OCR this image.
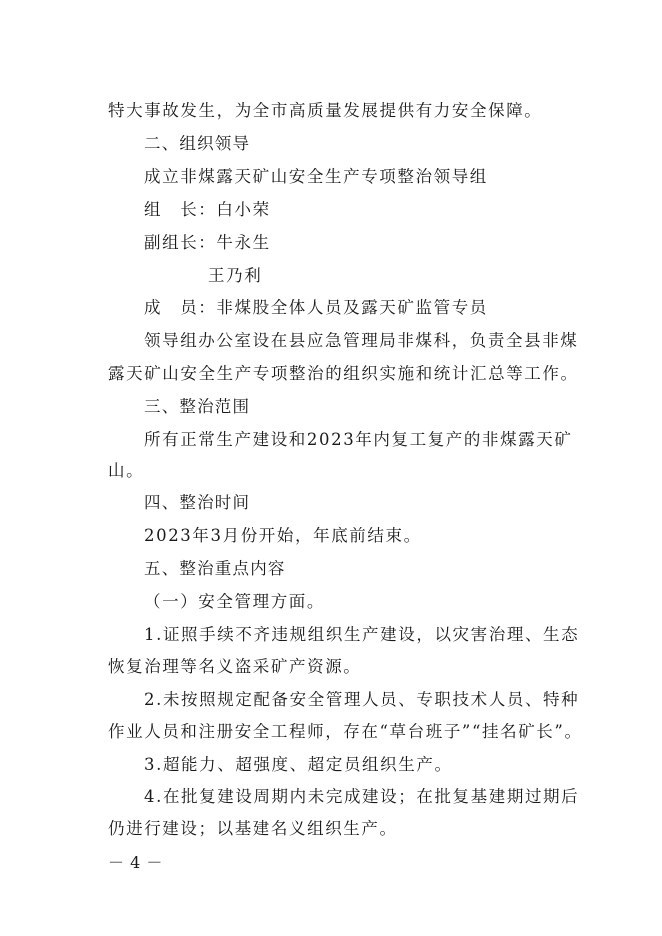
特大事故发生，为全市高质量发展提供有力安全保障。
二、组织领导
成立非煤露天矿山安全生产专项整治领导组
组　长：白小荣
副组长：牛永生
王乃利
成　员：非煤股全体人员及露天矿监管专员
领导组办公室设在县应急管理局非煤科，负责全县非煤
露天矿山安全生产专项整治的组织实施和统计汇总等工作。
三、整治范围
所有正常生产建设和2023年内复工复产的非煤露天矿
山。
四、整治时间
2023年3月份开始，年底前结束。
五、整治重点内容
（一）安全管理方面。
1.证照手续不齐违规组织生产建设，以灾害治理、生态
恢复治理等名义盗采矿产资源。
2.未按照规定配备安全管理人员、专职技术人员、特种
作业人员和注册安全工程师，存在“草台班子”“挂名矿长”。
3.超能力、超强度、超定员组织生产。
4.在批复建设周期内未完成建设；在批复基建期过期后
仍进行建设；以基建名义组织生产。
－ 4 －
